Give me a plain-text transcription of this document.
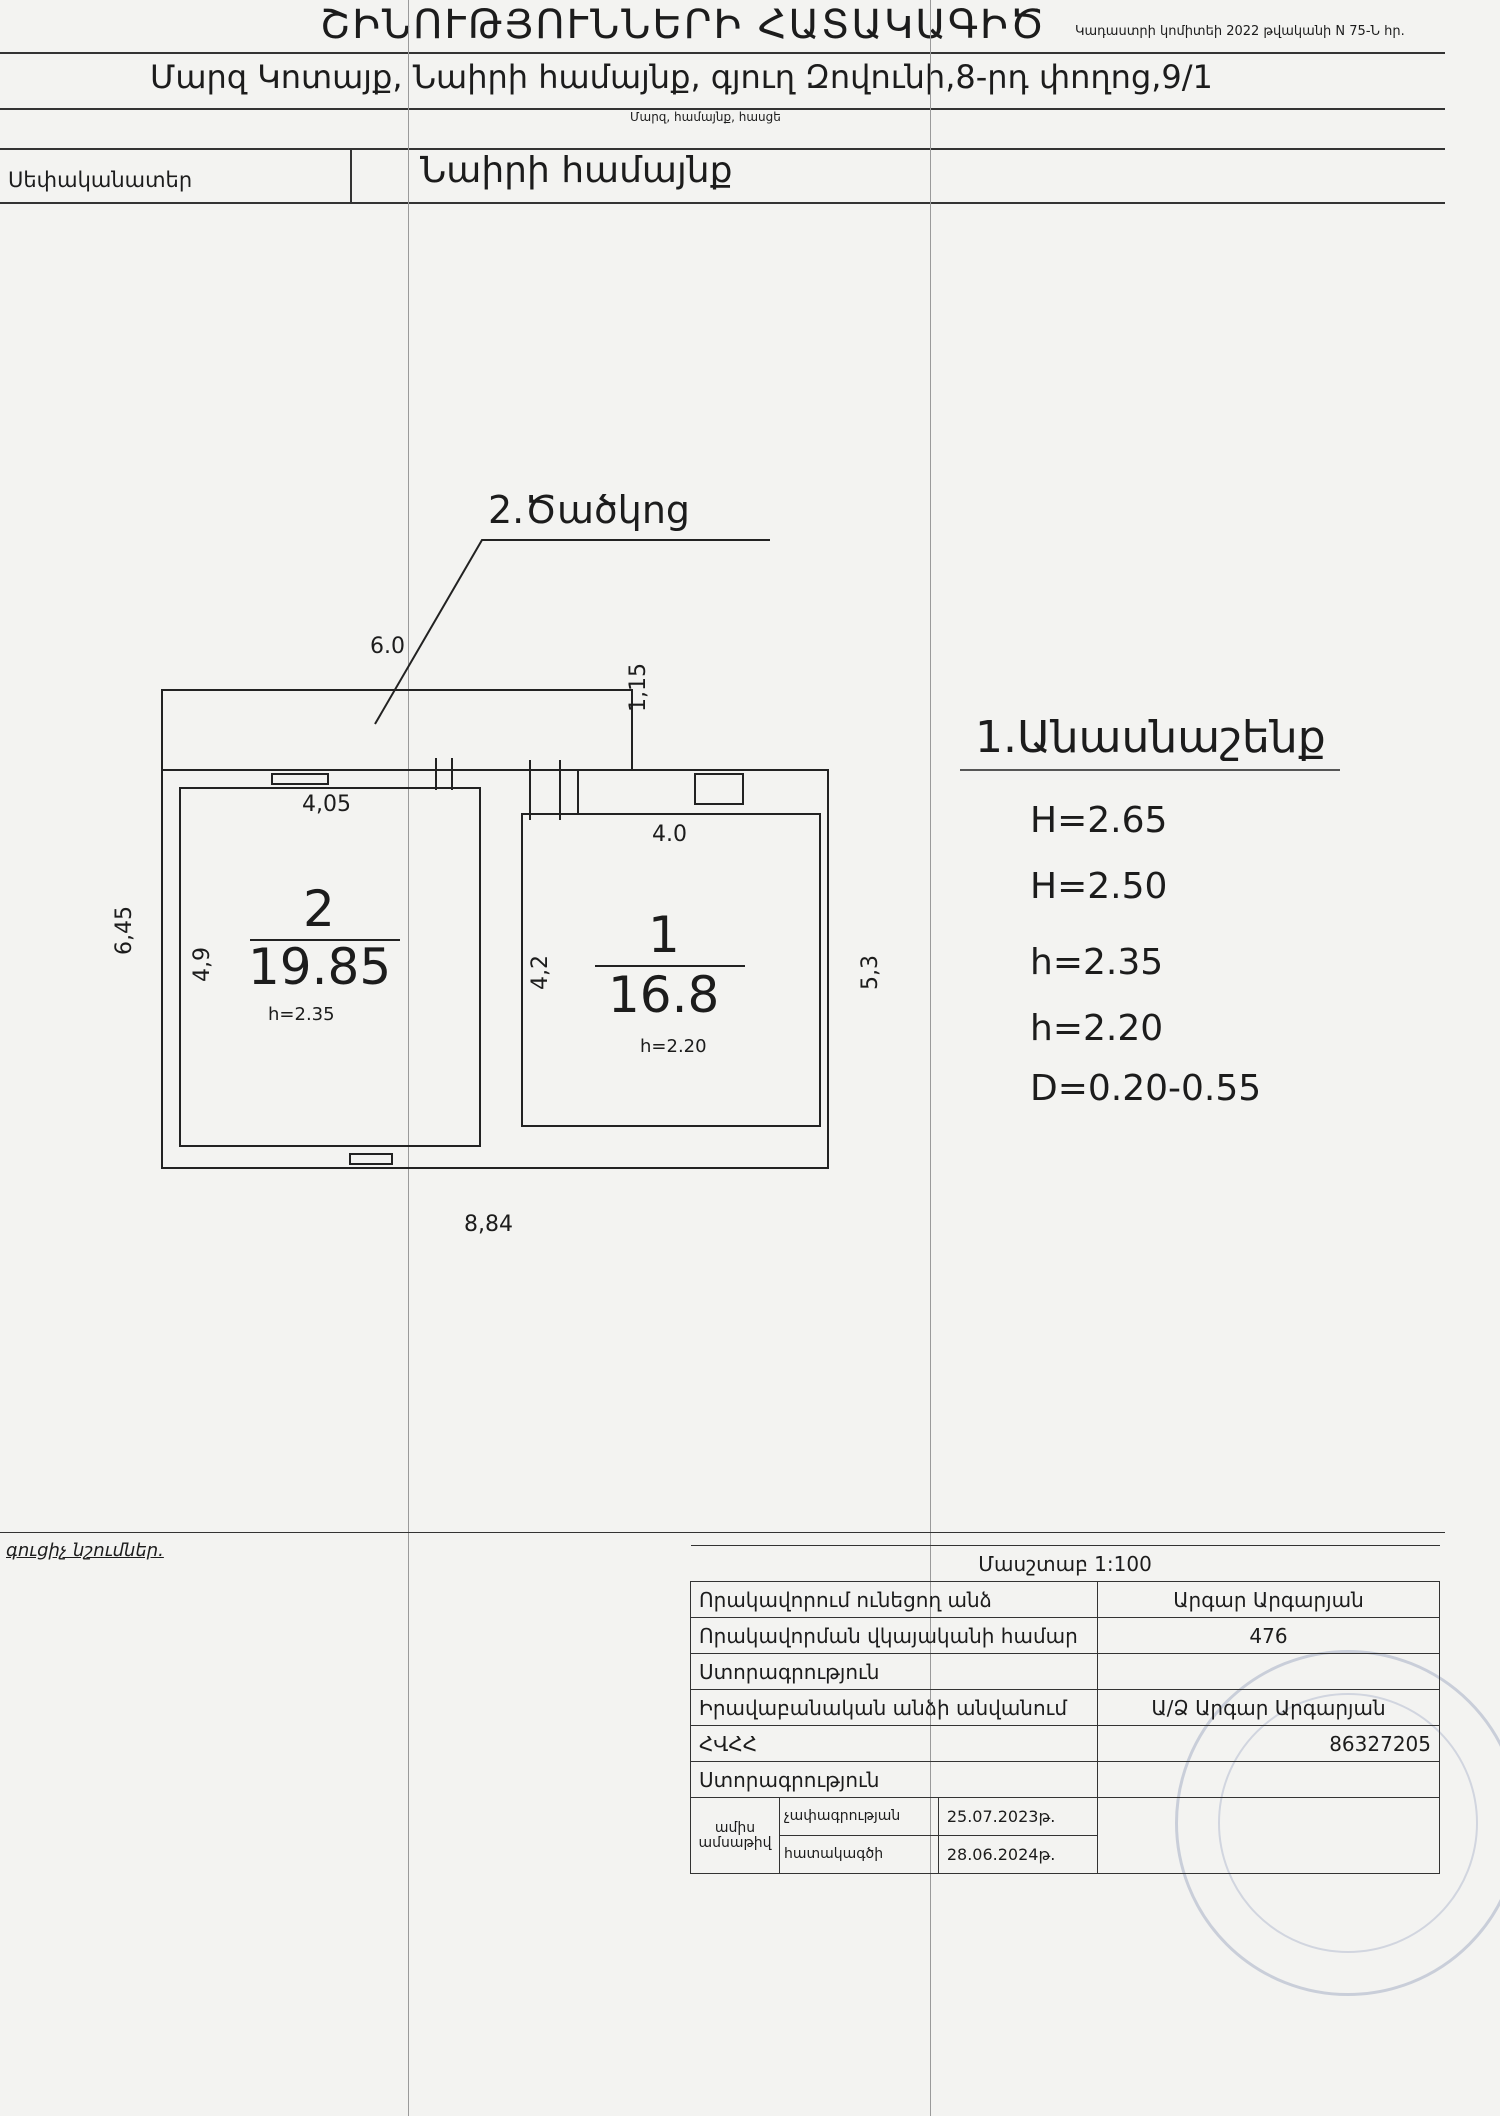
ՇԻՆՈՒԹՅՈՒՆՆԵՐԻ ՀԱՏԱԿԱԳԻԾ Կադաստրի կոմիտեի 2022 թվականի N 75-Ն հր.
Մարզ Կոտայք, Նաիրի համայնք, գյուղ Զովունի,8-րդ փողոց,9/1
Մարզ, համայնք, հասցե
Սեփականատեր	Նաիրի համայնք
2.Ծածկոց
6.0
1,15
6,45
8,84
5,3
4,05
4,9
2
19.85
h=2.35
4.0
4,2
1
16.8
h=2.20
1.Անասնաշենք
H=2.65
H=2.50
h=2.35
h=2.20
D=0.20-0.55
գուցիչ նշումներ.
Մասշտաբ 1:100			
Որակավորում ունեցող անձ			Արգար Արգարյան
Որակավորման վկայականի համար			476
Ստորագրություն			
Իրավաբանական անձի անվանում			Ա/Ձ Արգար Արգարյան
ՀՎՀՀ			86327205
Ստորագրություն			
ամիս ամսաթիվ	չափագրության	25.07.2023թ.	
	հատակագծի	28.06.2024թ.	
